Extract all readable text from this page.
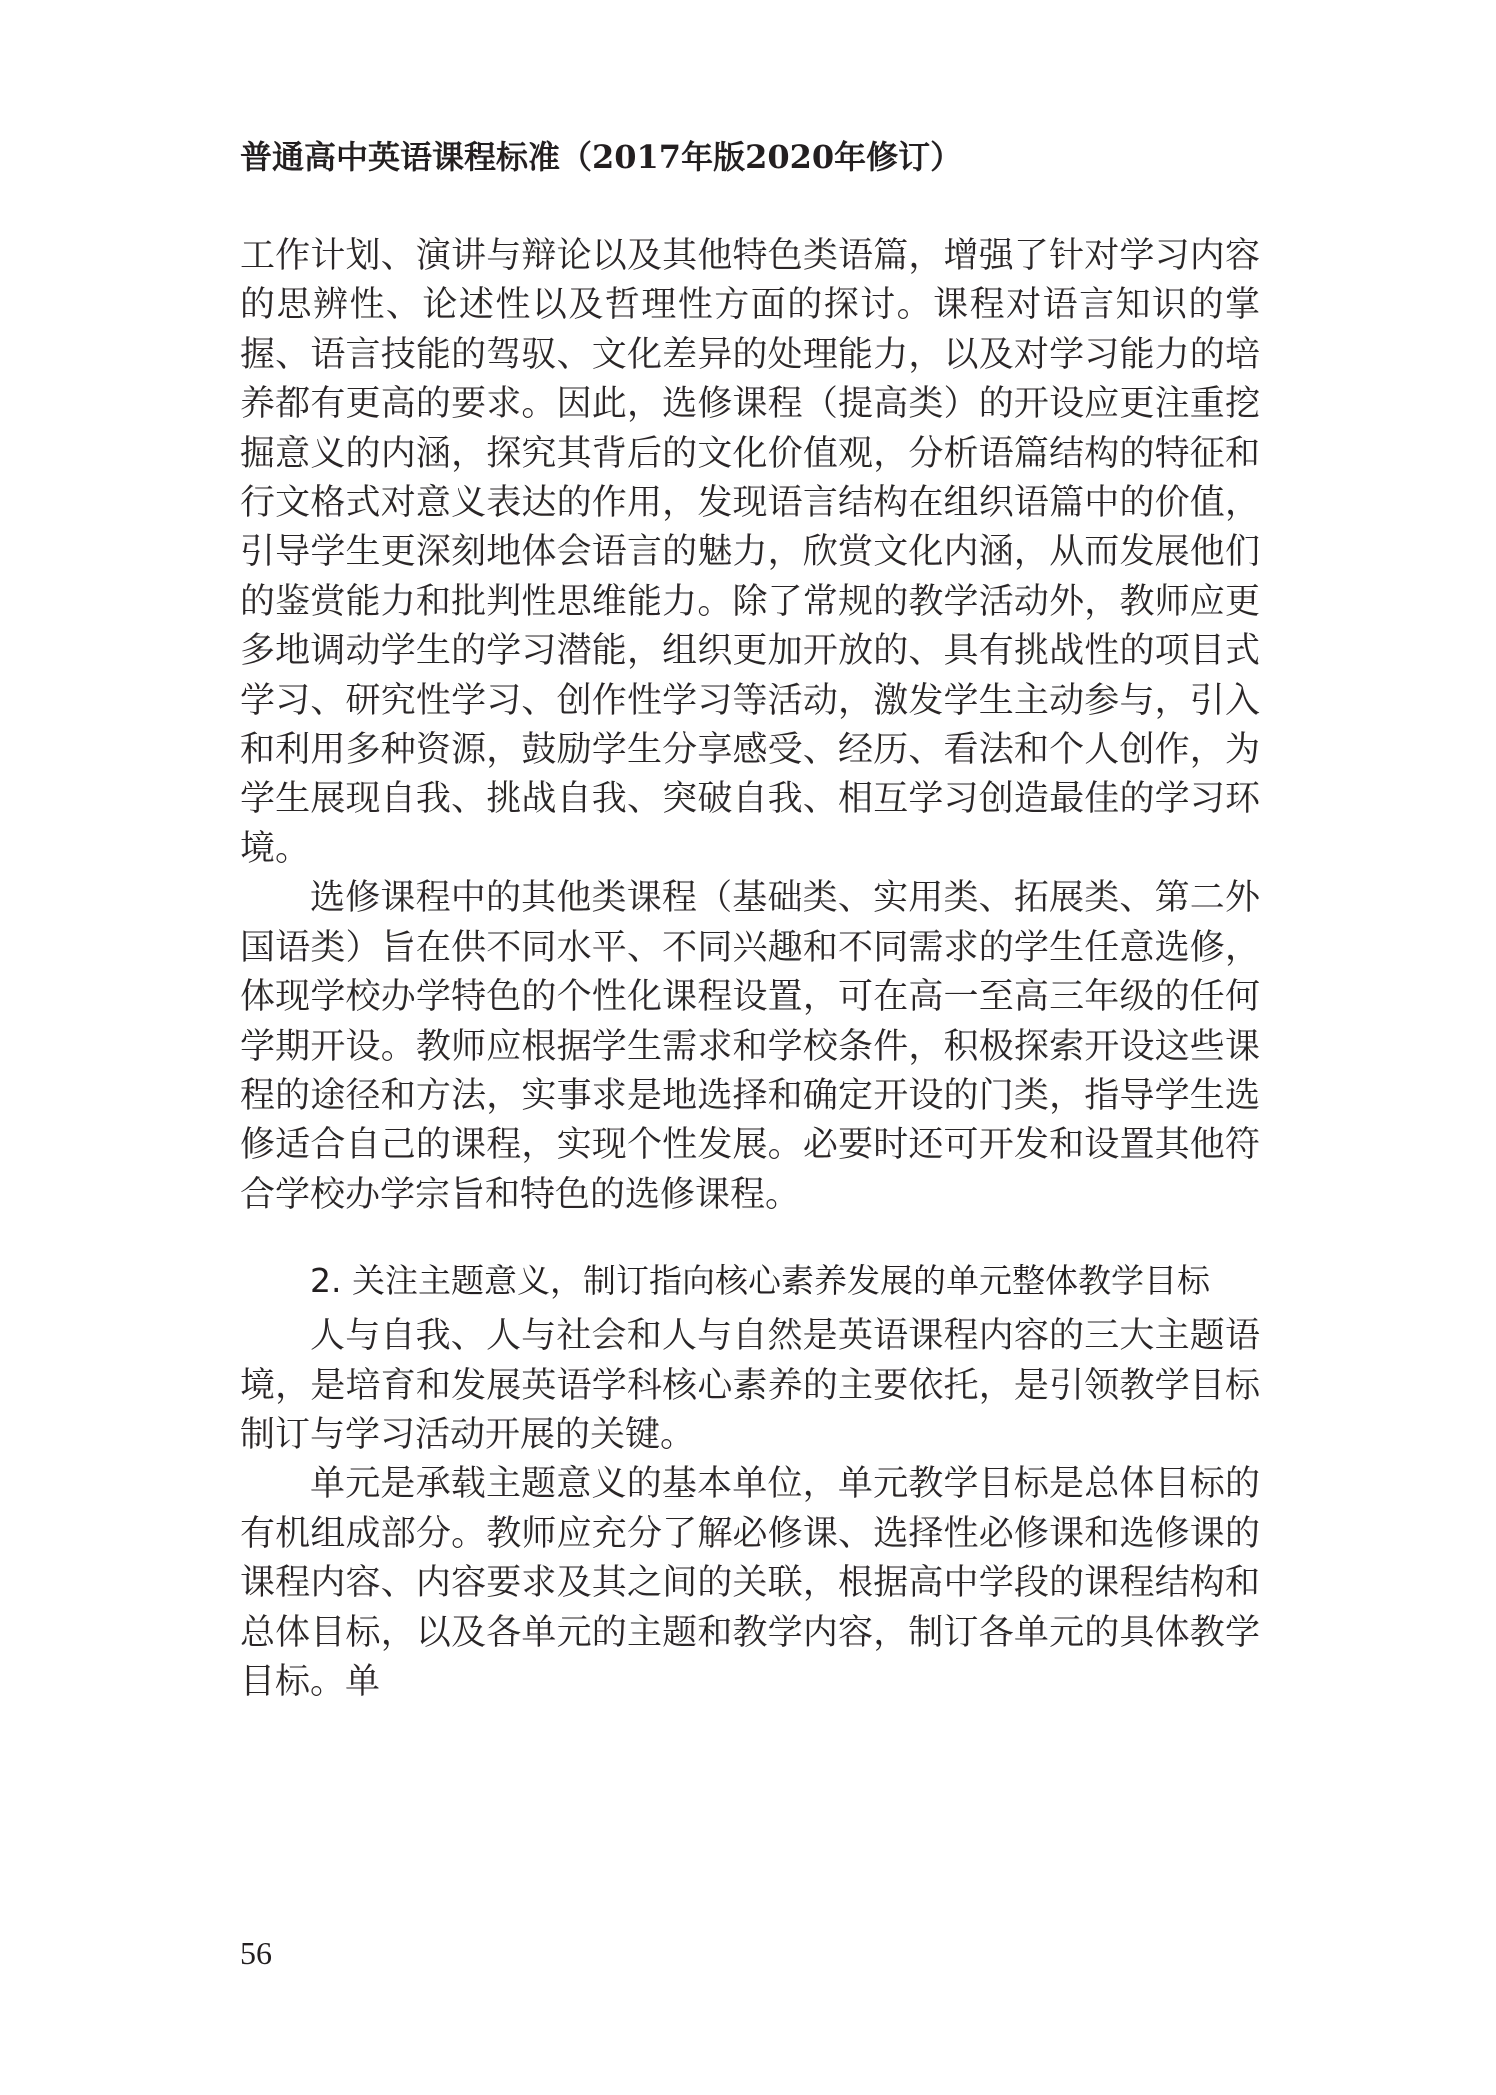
普通高中英语课程标准（2017年版2020年修订）

工作计划、演讲与辩论以及其他特色类语篇，增强了针对学习内容的思辨性、论述性以及哲理性方面的探讨。课程对语言知识的掌握、语言技能的驾驭、文化差异的处理能力，以及对学习能力的培养都有更高的要求。因此，选修课程（提高类）的开设应更注重挖掘意义的内涵，探究其背后的文化价值观，分析语篇结构的特征和行文格式对意义表达的作用，发现语言结构在组织语篇中的价值，引导学生更深刻地体会语言的魅力，欣赏文化内涵，从而发展他们的鉴赏能力和批判性思维能力。除了常规的教学活动外，教师应更多地调动学生的学习潜能，组织更加开放的、具有挑战性的项目式学习、研究性学习、创作性学习等活动，激发学生主动参与，引入和利用多种资源，鼓励学生分享感受、经历、看法和个人创作，为学生展现自我、挑战自我、突破自我、相互学习创造最佳的学习环境。

选修课程中的其他类课程（基础类、实用类、拓展类、第二外国语类）旨在供不同水平、不同兴趣和不同需求的学生任意选修，体现学校办学特色的个性化课程设置，可在高一至高三年级的任何学期开设。教师应根据学生需求和学校条件，积极探索开设这些课程的途径和方法，实事求是地选择和确定开设的门类，指导学生选修适合自己的课程，实现个性发展。必要时还可开发和设置其他符合学校办学宗旨和特色的选修课程。

2. 关注主题意义，制订指向核心素养发展的单元整体教学目标

人与自我、人与社会和人与自然是英语课程内容的三大主题语境，是培育和发展英语学科核心素养的主要依托，是引领教学目标制订与学习活动开展的关键。

单元是承载主题意义的基本单位，单元教学目标是总体目标的有机组成部分。教师应充分了解必修课、选择性必修课和选修课的课程内容、内容要求及其之间的关联，根据高中学段的课程结构和总体目标，以及各单元的主题和教学内容，制订各单元的具体教学目标。单

56
